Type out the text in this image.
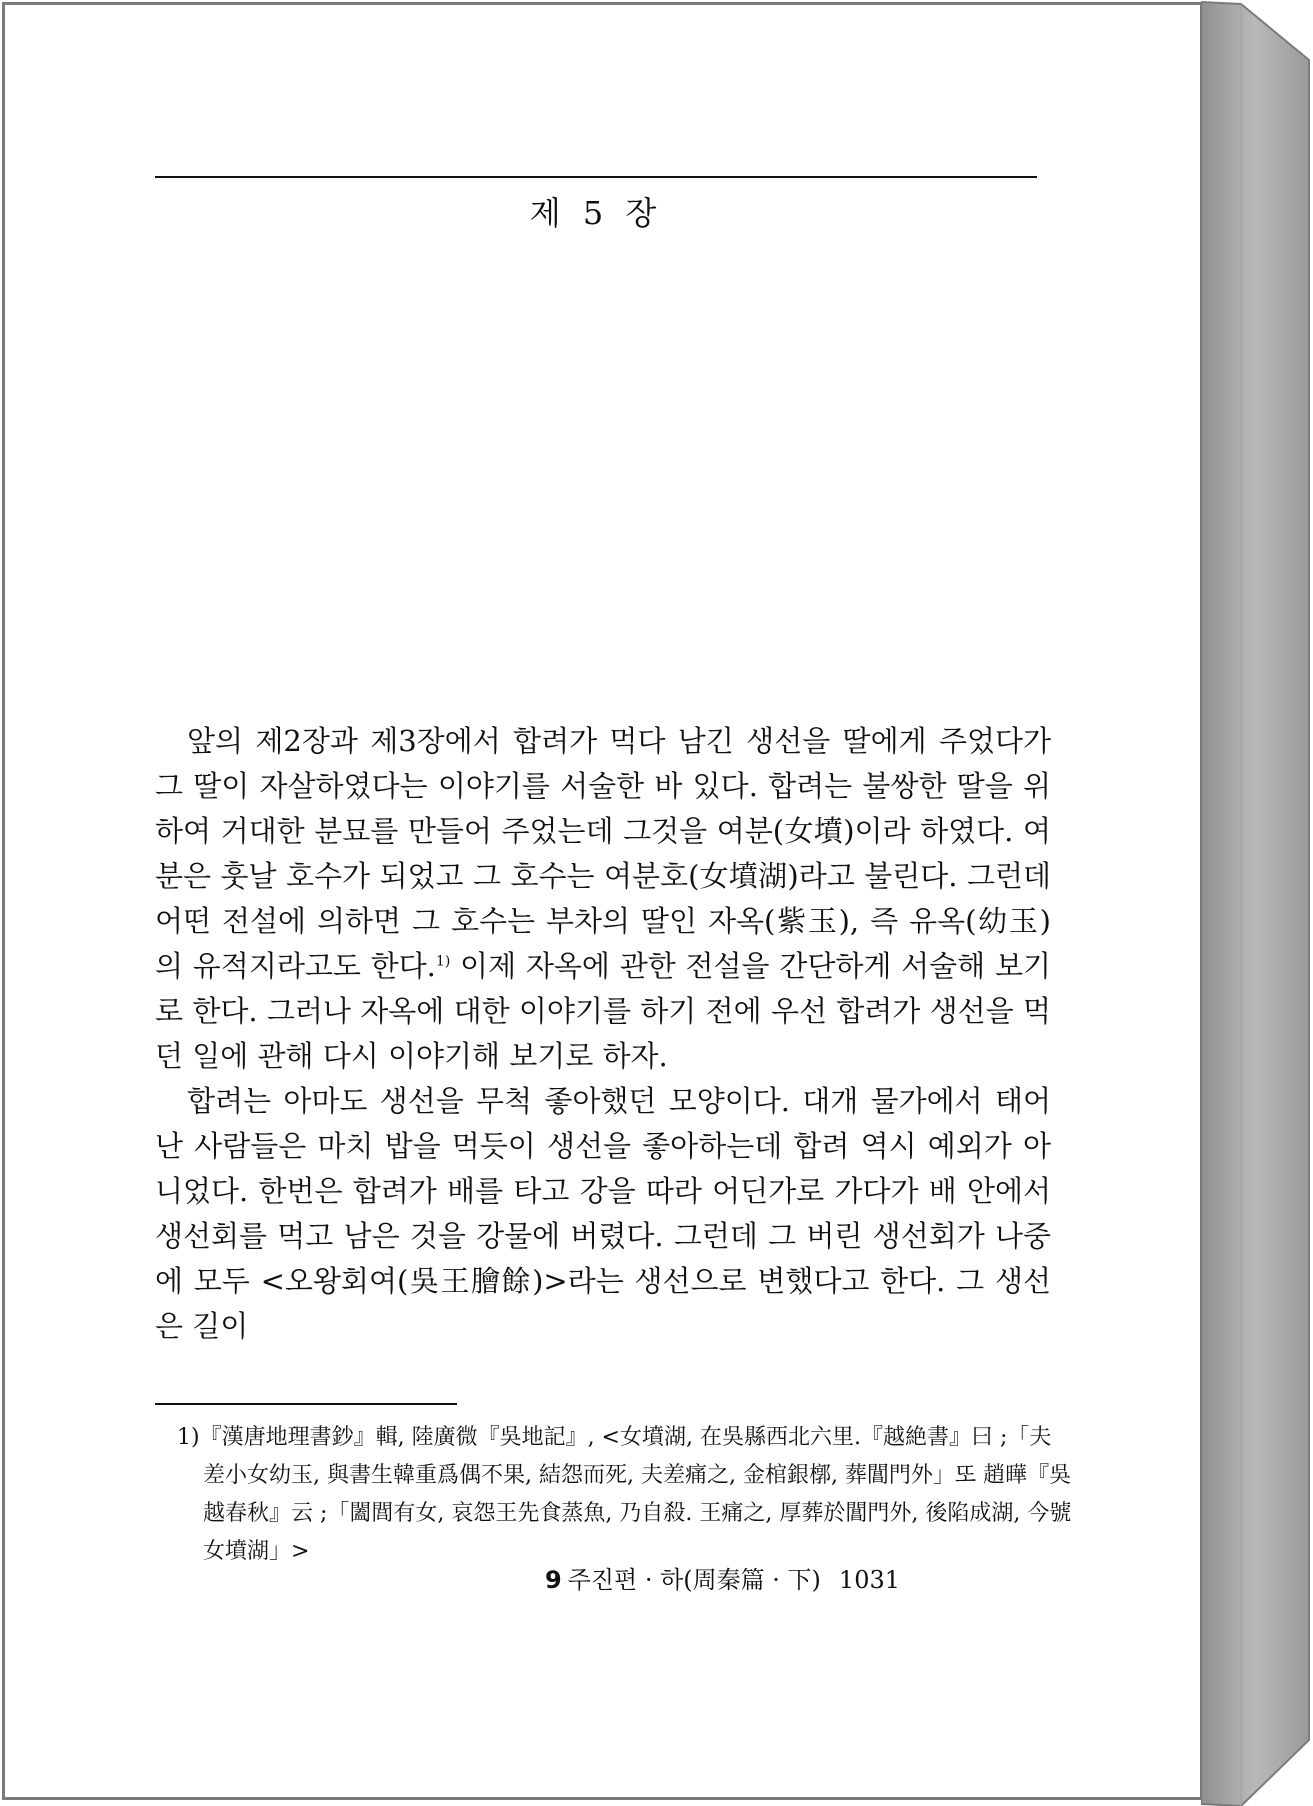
제 5 장

앞의 제2장과 제3장에서 합려가 먹다 남긴 생선을 딸에게 주었다가 그 딸이 자살하였다는 이야기를 서술한 바 있다. 합려는 불쌍한 딸을 위하여 거대한 분묘를 만들어 주었는데 그것을 여분(女墳)이라 하였다. 여분은 훗날 호수가 되었고 그 호수는 여분호(女墳湖)라고 불린다. 그런데 어떤 전설에 의하면 그 호수는 부차의 딸인 자옥(紫玉), 즉 유옥(幼玉)의 유적지라고도 한다.$^{1)}$ 이제 자옥에 관한 전설을 간단하게 서술해 보기로 한다. 그러나 자옥에 대한 이야기를 하기 전에 우선 합려가 생선을 먹던 일에 관해 다시 이야기해 보기로 하자.

합려는 아마도 생선을 무척 좋아했던 모양이다. 대개 물가에서 태어난 사람들은 마치 밥을 먹듯이 생선을 좋아하는데 합려 역시 예외가 아니었다. 한번은 합려가 배를 타고 강을 따라 어딘가로 가다가 배 안에서 생선회를 먹고 남은 것을 강물에 버렸다. 그런데 그 버린 생선회가 나중에 모두 <오왕회여(吳王膾餘)>라는 생선으로 변했다고 한다. 그 생선은 길이

1)『漢唐地理書鈔』輯, 陸廣微『吳地記』, <女墳湖, 在吳縣西北六里.『越絶書』曰 ;「夫差小女幼玉, 與書生韓重爲偶不果, 結怨而死, 夫差痛之, 金棺銀槨, 葬閶門外」또 趙曄『吳越春秋』云 ;「闔閭有女, 哀怨王先食蒸魚, 乃自殺. 王痛之, 厚葬於閶門外, 後陷成湖, 今號女墳湖」>

9 주진편 · 하(周秦篇 · 下) 1031
